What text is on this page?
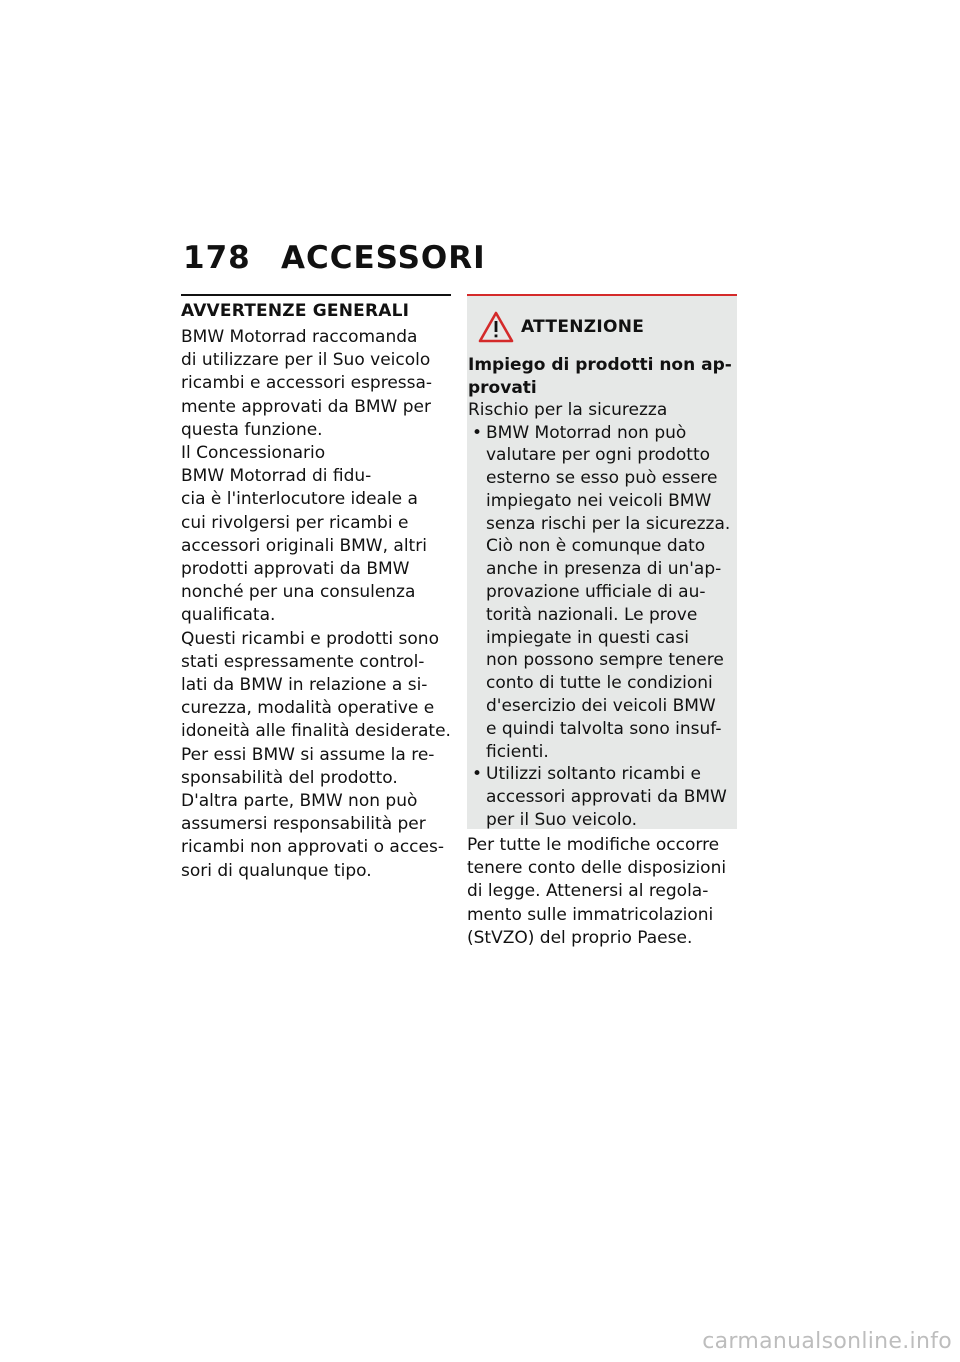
178 ACCESSORI
AVVERTENZE GENERALI

BMW Motorrad raccomanda
di utilizzare per il Suo veicolo
ricambi e accessori espressa-
mente approvati da BMW per
questa funzione.

Il Concessionario
BMW Motorrad di fidu-
cia è l'interlocutore ideale a
cui rivolgersi per ricambi e
accessori originali BMW, altri
prodotti approvati da BMW
nonché per una consulenza
qualificata.

Questi ricambi e prodotti sono
stati espressamente control-
lati da BMW in relazione a si-
curezza, modalità operative e
idoneità alle finalità desiderate.
Per essi BMW si assume la re-
sponsabilità del prodotto.

D'altra parte, BMW non può
assumersi responsabilità per
ricambi non approvati o acces-
sori di qualunque tipo.

ATTENZIONE
Impiego di prodotti non ap-
provati
Rischio per la sicurezza
• BMW Motorrad non può
valutare per ogni prodotto
esterno se esso può essere
impiegato nei veicoli BMW
senza rischi per la sicurezza.
Ciò non è comunque dato
anche in presenza di un'ap-
provazione ufficiale di au-
torità nazionali. Le prove
impiegate in questi casi
non possono sempre tenere
conto di tutte le condizioni
d'esercizio dei veicoli BMW
e quindi talvolta sono insuf-
ficienti.
• Utilizzi soltanto ricambi e
accessori approvati da BMW
per il Suo veicolo.
Per tutte le modifiche occorre
tenere conto delle disposizioni
di legge. Attenersi al regola-
mento sulle immatricolazioni
(StVZO) del proprio Paese.
carmanualsonline.info
